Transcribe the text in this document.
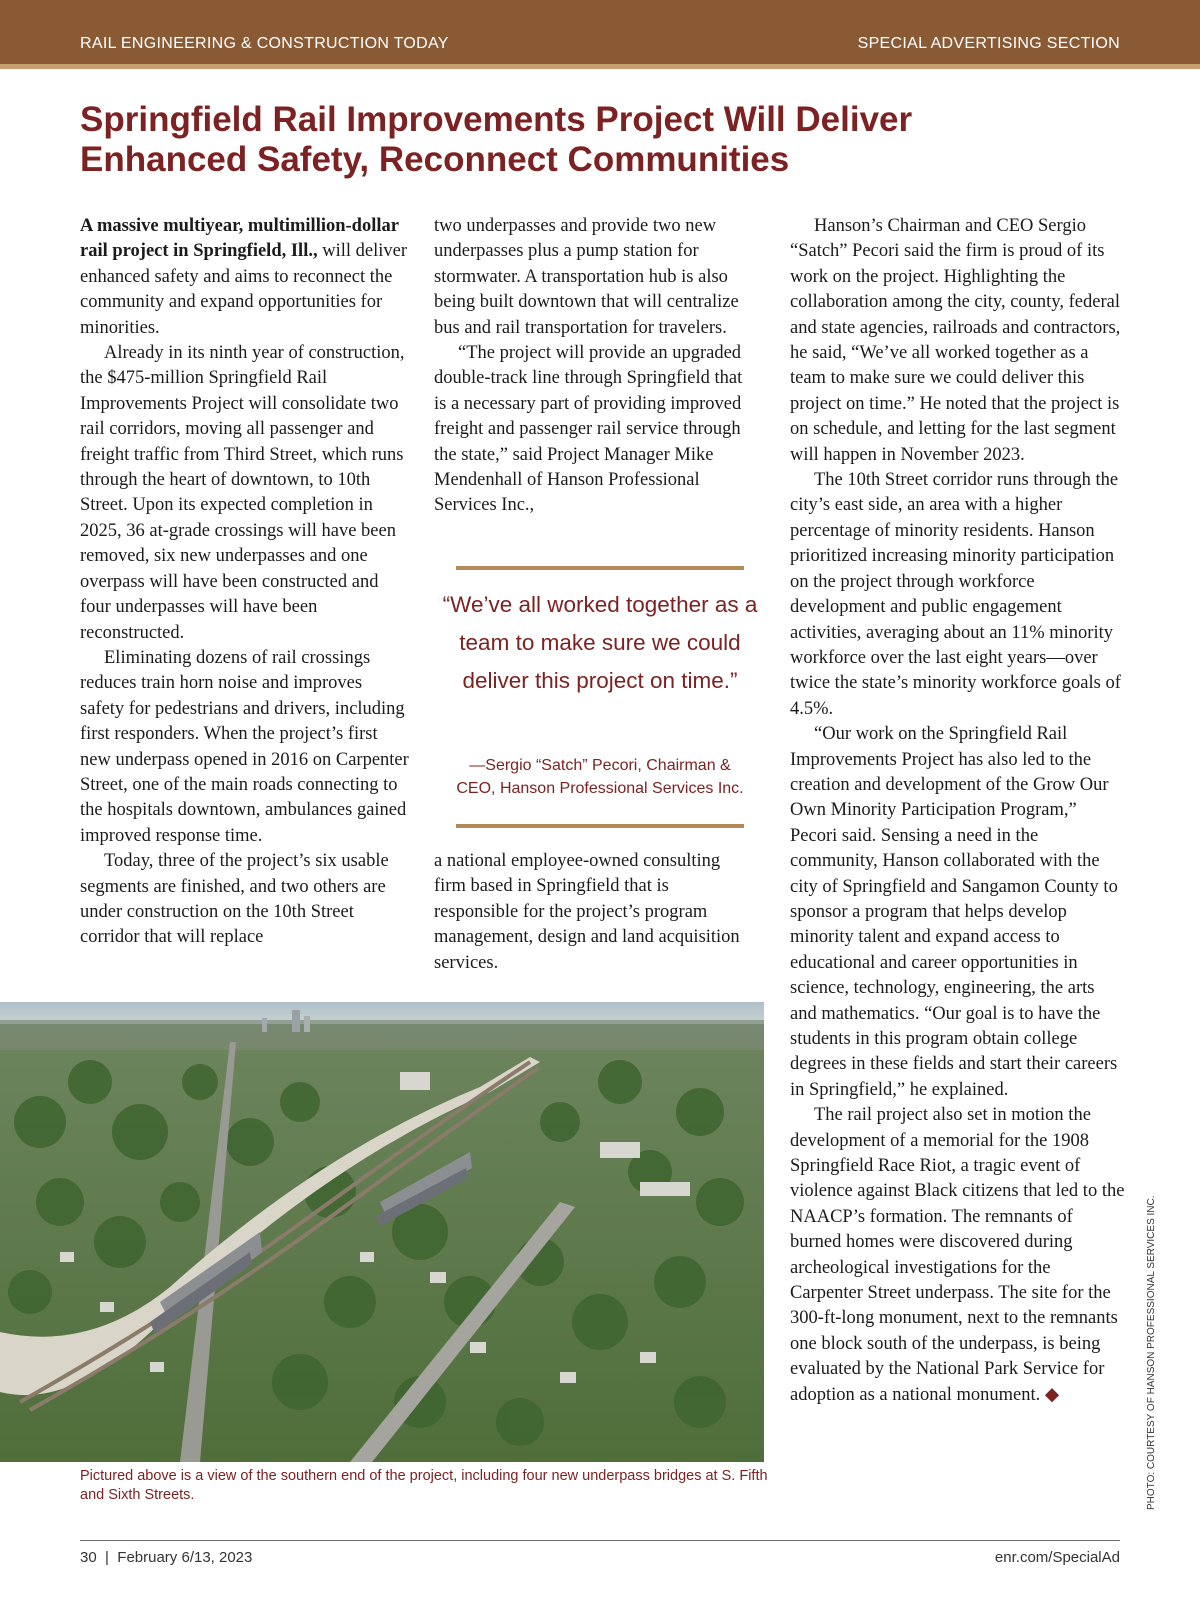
RAIL ENGINEERING & CONSTRUCTION TODAY	SPECIAL ADVERTISING SECTION
Springfield Rail Improvements Project Will Deliver
Enhanced Safety, Reconnect Communities

A massive multiyear, multimillion-dollar rail project in Springfield, Ill., will deliver enhanced safety and aims to reconnect the community and expand opportunities for minorities.

Already in its ninth year of construction, the $475-million Springfield Rail Improvements Project will consolidate two rail corridors, moving all passenger and freight traffic from Third Street, which runs through the heart of downtown, to 10th Street. Upon its expected completion in 2025, 36 at-grade crossings will have been removed, six new underpasses and one overpass will have been constructed and four underpasses will have been reconstructed.

Eliminating dozens of rail crossings reduces train horn noise and improves safety for pedestrians and drivers, including first responders. When the project’s first new underpass opened in 2016 on Carpenter Street, one of the main roads connecting to the hospitals downtown, ambulances gained improved response time.

Today, three of the project’s six usable segments are finished, and two others are under construction on the 10th Street corridor that will replace

two underpasses and provide two new underpasses plus a pump station for stormwater. A transportation hub is also being built downtown that will centralize bus and rail transportation for travelers.

“The project will provide an upgraded double-track line through Springfield that is a necessary part of providing improved freight and passenger rail service through the state,” said Project Manager Mike Mendenhall of Hanson Professional Services Inc.,

“We’ve all worked together as a team to make sure we could deliver this project on time.”

—Sergio “Satch” Pecori, Chairman &
CEO, Hanson Professional Services Inc.

a national employee-owned consulting firm based in Springfield that is responsible for the project’s program management, design and land acquisition services.

Hanson’s Chairman and CEO Sergio “Satch” Pecori said the firm is proud of its work on the project. Highlighting the collaboration among the city, county, federal and state agencies, railroads and contractors, he said, “We’ve all worked together as a team to make sure we could deliver this project on time.” He noted that the project is on schedule, and letting for the last segment will happen in November 2023.

The 10th Street corridor runs through the city’s east side, an area with a higher percentage of minority residents. Hanson prioritized increasing minority participation on the project through workforce development and public engagement activities, averaging about an 11% minority workforce over the last eight years—over twice the state’s minority workforce goals of 4.5%.

“Our work on the Springfield Rail Improvements Project has also led to the creation and development of the Grow Our Own Minority Participation Program,” Pecori said. Sensing a need in the community, Hanson collaborated with the city of Springfield and Sangamon County to sponsor a program that helps develop minority talent and expand access to educational and career opportunities in science, technology, engineering, the arts and mathematics. “Our goal is to have the students in this program obtain college degrees in these fields and start their careers in Springfield,” he explained.

The rail project also set in motion the development of a memorial for the 1908 Springfield Race Riot, a tragic event of violence against Black citizens that led to the NAACP’s formation. The remnants of burned homes were discovered during archeological investigations for the Carpenter Street underpass. The site for the 300-ft-long monument, next to the remnants one block south of the underpass, is being evaluated by the National Park Service for adoption as a national monument. ◆

Pictured above is a view of the southern end of the project, including four new underpass bridges at S. Fifth and Sixth Streets.	PHOTO: COURTESY OF HANSON PROFESSIONAL SERVICES INC.
30 | February 6/13, 2023	enr.com/SpecialAd
